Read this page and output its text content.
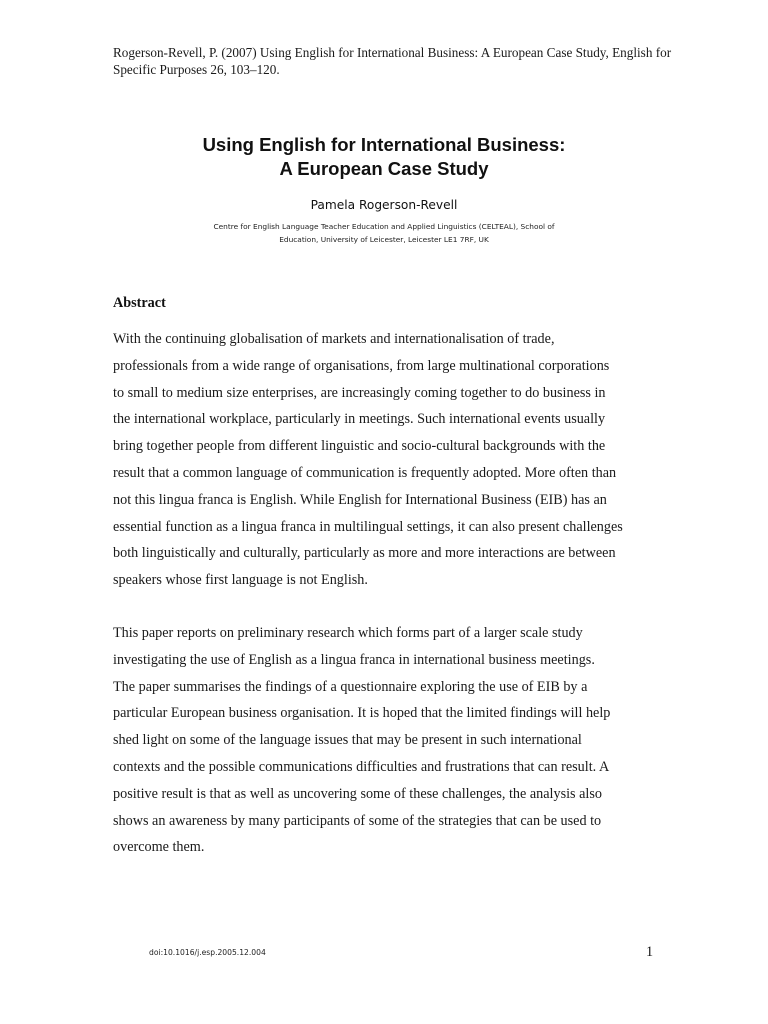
Rogerson-Revell, P. (2007) Using English for International Business: A European Case Study, English for
Specific Purposes 26, 103–120.
Using English for International Business:
A European Case Study
Pamela Rogerson-Revell
Centre for English Language Teacher Education and Applied Linguistics (CELTEAL), School of
Education, University of Leicester, Leicester LE1 7RF, UK
Abstract
With the continuing globalisation of markets and internationalisation of trade,
professionals from a wide range of organisations, from large multinational corporations
to small to medium size enterprises, are increasingly coming together to do business in
the international workplace, particularly in meetings. Such international events usually
bring together people from different linguistic and socio-cultural backgrounds with the
result that a common language of communication is frequently adopted. More often than
not this lingua franca is English. While English for International Business (EIB) has an
essential function as a lingua franca in multilingual settings, it can also present challenges
both linguistically and culturally, particularly as more and more interactions are between
speakers whose first language is not English.
This paper reports on preliminary research which forms part of a larger scale study
investigating the use of English as a lingua franca in international business meetings.
The paper summarises the findings of a questionnaire exploring the use of EIB by a
particular European business organisation. It is hoped that the limited findings will help
shed light on some of the language issues that may be present in such international
contexts and the possible communications difficulties and frustrations that can result. A
positive result is that as well as uncovering some of these challenges, the analysis also
shows an awareness by many participants of some of the strategies that can be used to
overcome them.
doi:10.1016/j.esp.2005.12.004	1
